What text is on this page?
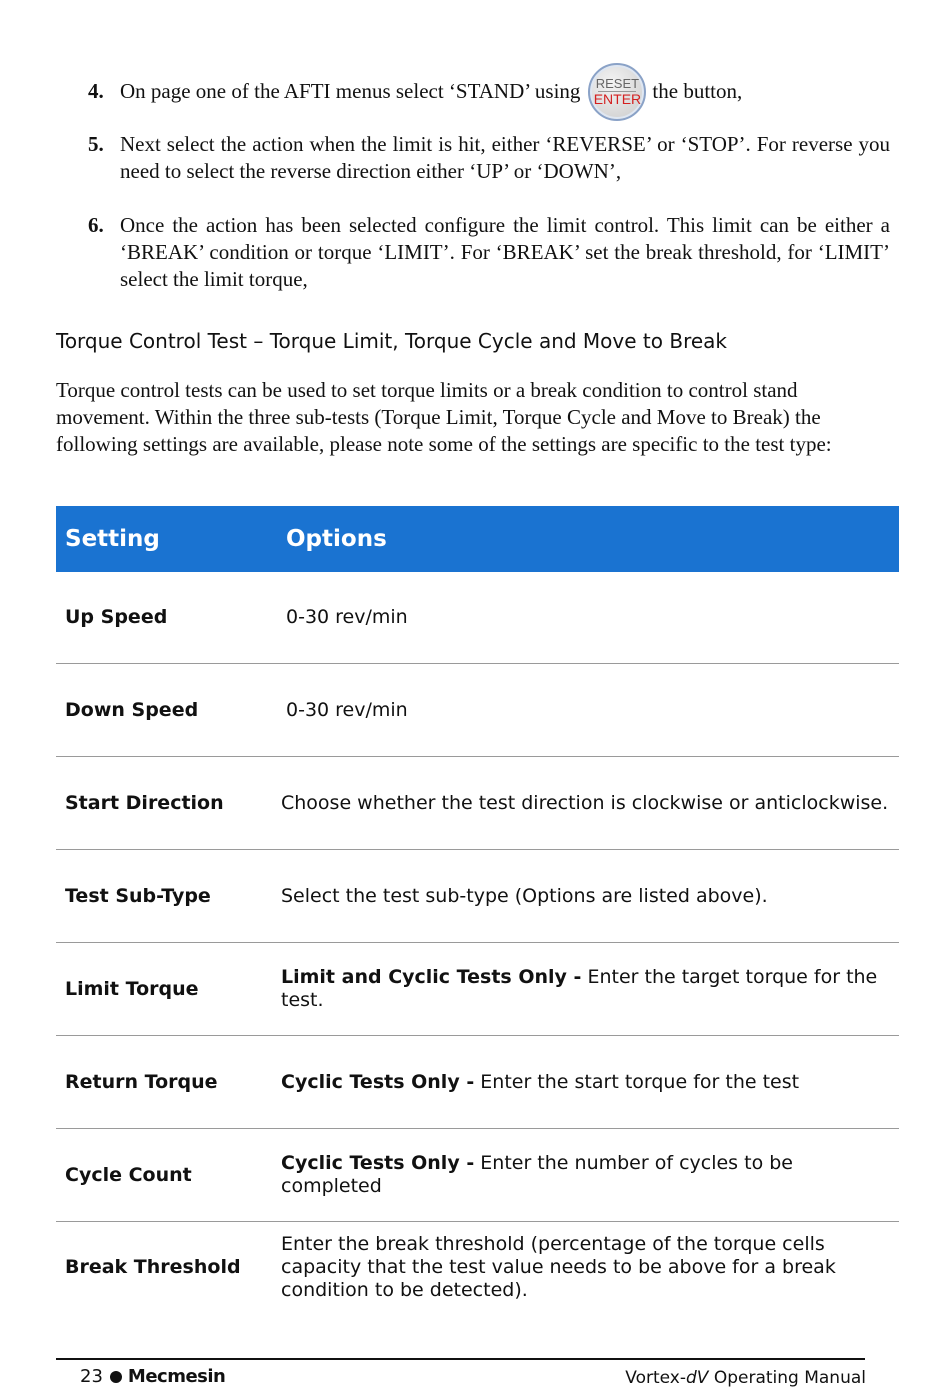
4. On page one of the AFTI menus select ‘STAND’ using	RESET
ENTER the button,
5. Next select the action when the limit is hit, either ‘REVERSE’ or ‘STOP’. For reverse you need to select the reverse direction either ‘UP’ or ‘DOWN’,
6. Once the action has been selected configure the limit control. This limit can be either a ‘BREAK’ condition or torque ‘LIMIT’. For ‘BREAK’ set the break threshold, for ‘LIMIT’ select the limit torque,
Torque Control Test – Torque Limit, Torque Cycle and Move to Break

Torque control tests can be used to set torque limits or a break condition to control stand movement. Within the three sub-tests (Torque Limit, Torque Cycle and Move to Break) the following settings are available, please note some of the settings are specific to the test type:

Setting	Options
Up Speed	0-30 rev/min
Down Speed	0-30 rev/min
Start Direction	Choose whether the test direction is clockwise or anticlockwise.
Test Sub-Type	Select the test sub-type (Options are listed above).
Limit Torque	Limit and Cyclic Tests Only - Enter the target torque for the test.
Return Torque	Cyclic Tests Only - Enter the start torque for the test
Cycle Count	Cyclic Tests Only - Enter the number of cycles to be completed
Break Threshold	Enter the break threshold (percentage of the torque cells capacity that the test value needs to be above for a break condition to be detected).
23 Mecmesin	Vortex-dV Operating Manual
